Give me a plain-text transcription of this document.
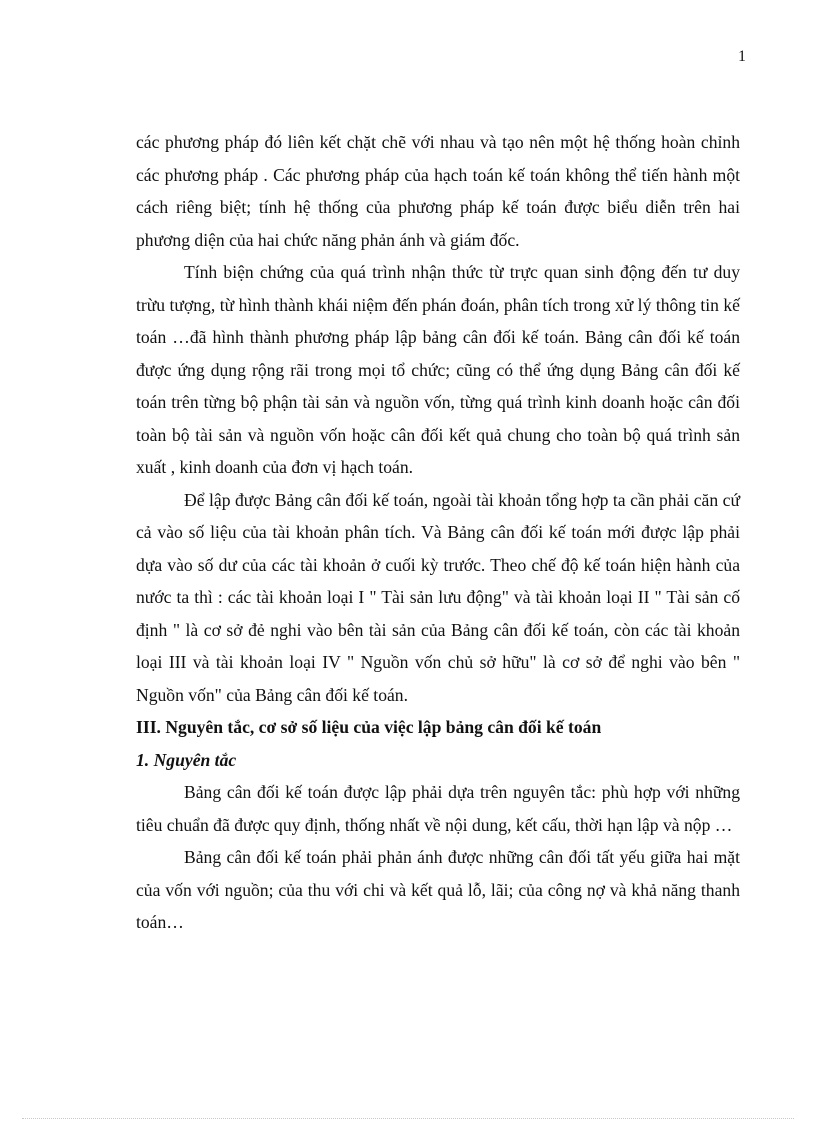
1

các phương pháp đó liên kết chặt chẽ với nhau và tạo nên một hệ thống hoàn chỉnh các phương pháp . Các phương pháp của hạch toán kế toán không thể tiến hành một cách riêng biệt; tính hệ thống của phương pháp kế toán được biểu diễn trên hai phương diện của hai chức năng phản ánh và giám đốc.

Tính biện chứng của quá trình nhận thức từ trực quan sinh động đến tư duy trừu tượng, từ hình thành khái niệm đến phán đoán, phân tích trong xử lý thông tin kế toán …đã hình thành phương pháp lập bảng cân đối kế toán. Bảng cân đối kế toán được ứng dụng rộng rãi trong mọi tổ chức; cũng có thể ứng dụng Bảng cân đối kế toán trên từng bộ phận tài sản và nguồn vốn, từng quá trình kinh doanh hoặc cân đối toàn bộ tài sản và nguồn vốn hoặc cân đối kết quả chung cho toàn bộ quá trình sản xuất , kinh doanh của đơn vị hạch toán.

Để lập được Bảng cân đối kế toán, ngoài tài khoản tổng hợp ta cần phải căn cứ cả vào số liệu của tài khoản phân tích. Và Bảng cân đối kế toán mới được lập phải dựa vào số dư của các tài khoản ở cuối kỳ trước. Theo chế độ kế toán hiện hành của nước ta thì : các tài khoản loại I " Tài sản lưu động" và tài khoản loại II " Tài sản cố định " là cơ sở đẻ nghi vào bên tài sản của Bảng cân đối kế toán, còn các tài khoản loại III và tài khoản loại IV " Nguồn vốn chủ sở hữu" là cơ sở để nghi vào bên " Nguồn vốn" của Bảng cân đối kế toán.

III. Nguyên tắc, cơ sở số liệu của việc lập bảng cân đối kế toán
1. Nguyên tắc

Bảng cân đối kế toán được lập phải dựa trên nguyên tắc: phù hợp với những tiêu chuẩn đã được quy định, thống nhất về nội dung, kết cấu, thời hạn lập và nộp …

Bảng cân đối kế toán phải phản ánh được những cân đối tất yếu giữa hai mặt của vốn với nguồn; của thu với chi và kết quả lỗ, lãi; của công nợ và khả năng thanh toán…
